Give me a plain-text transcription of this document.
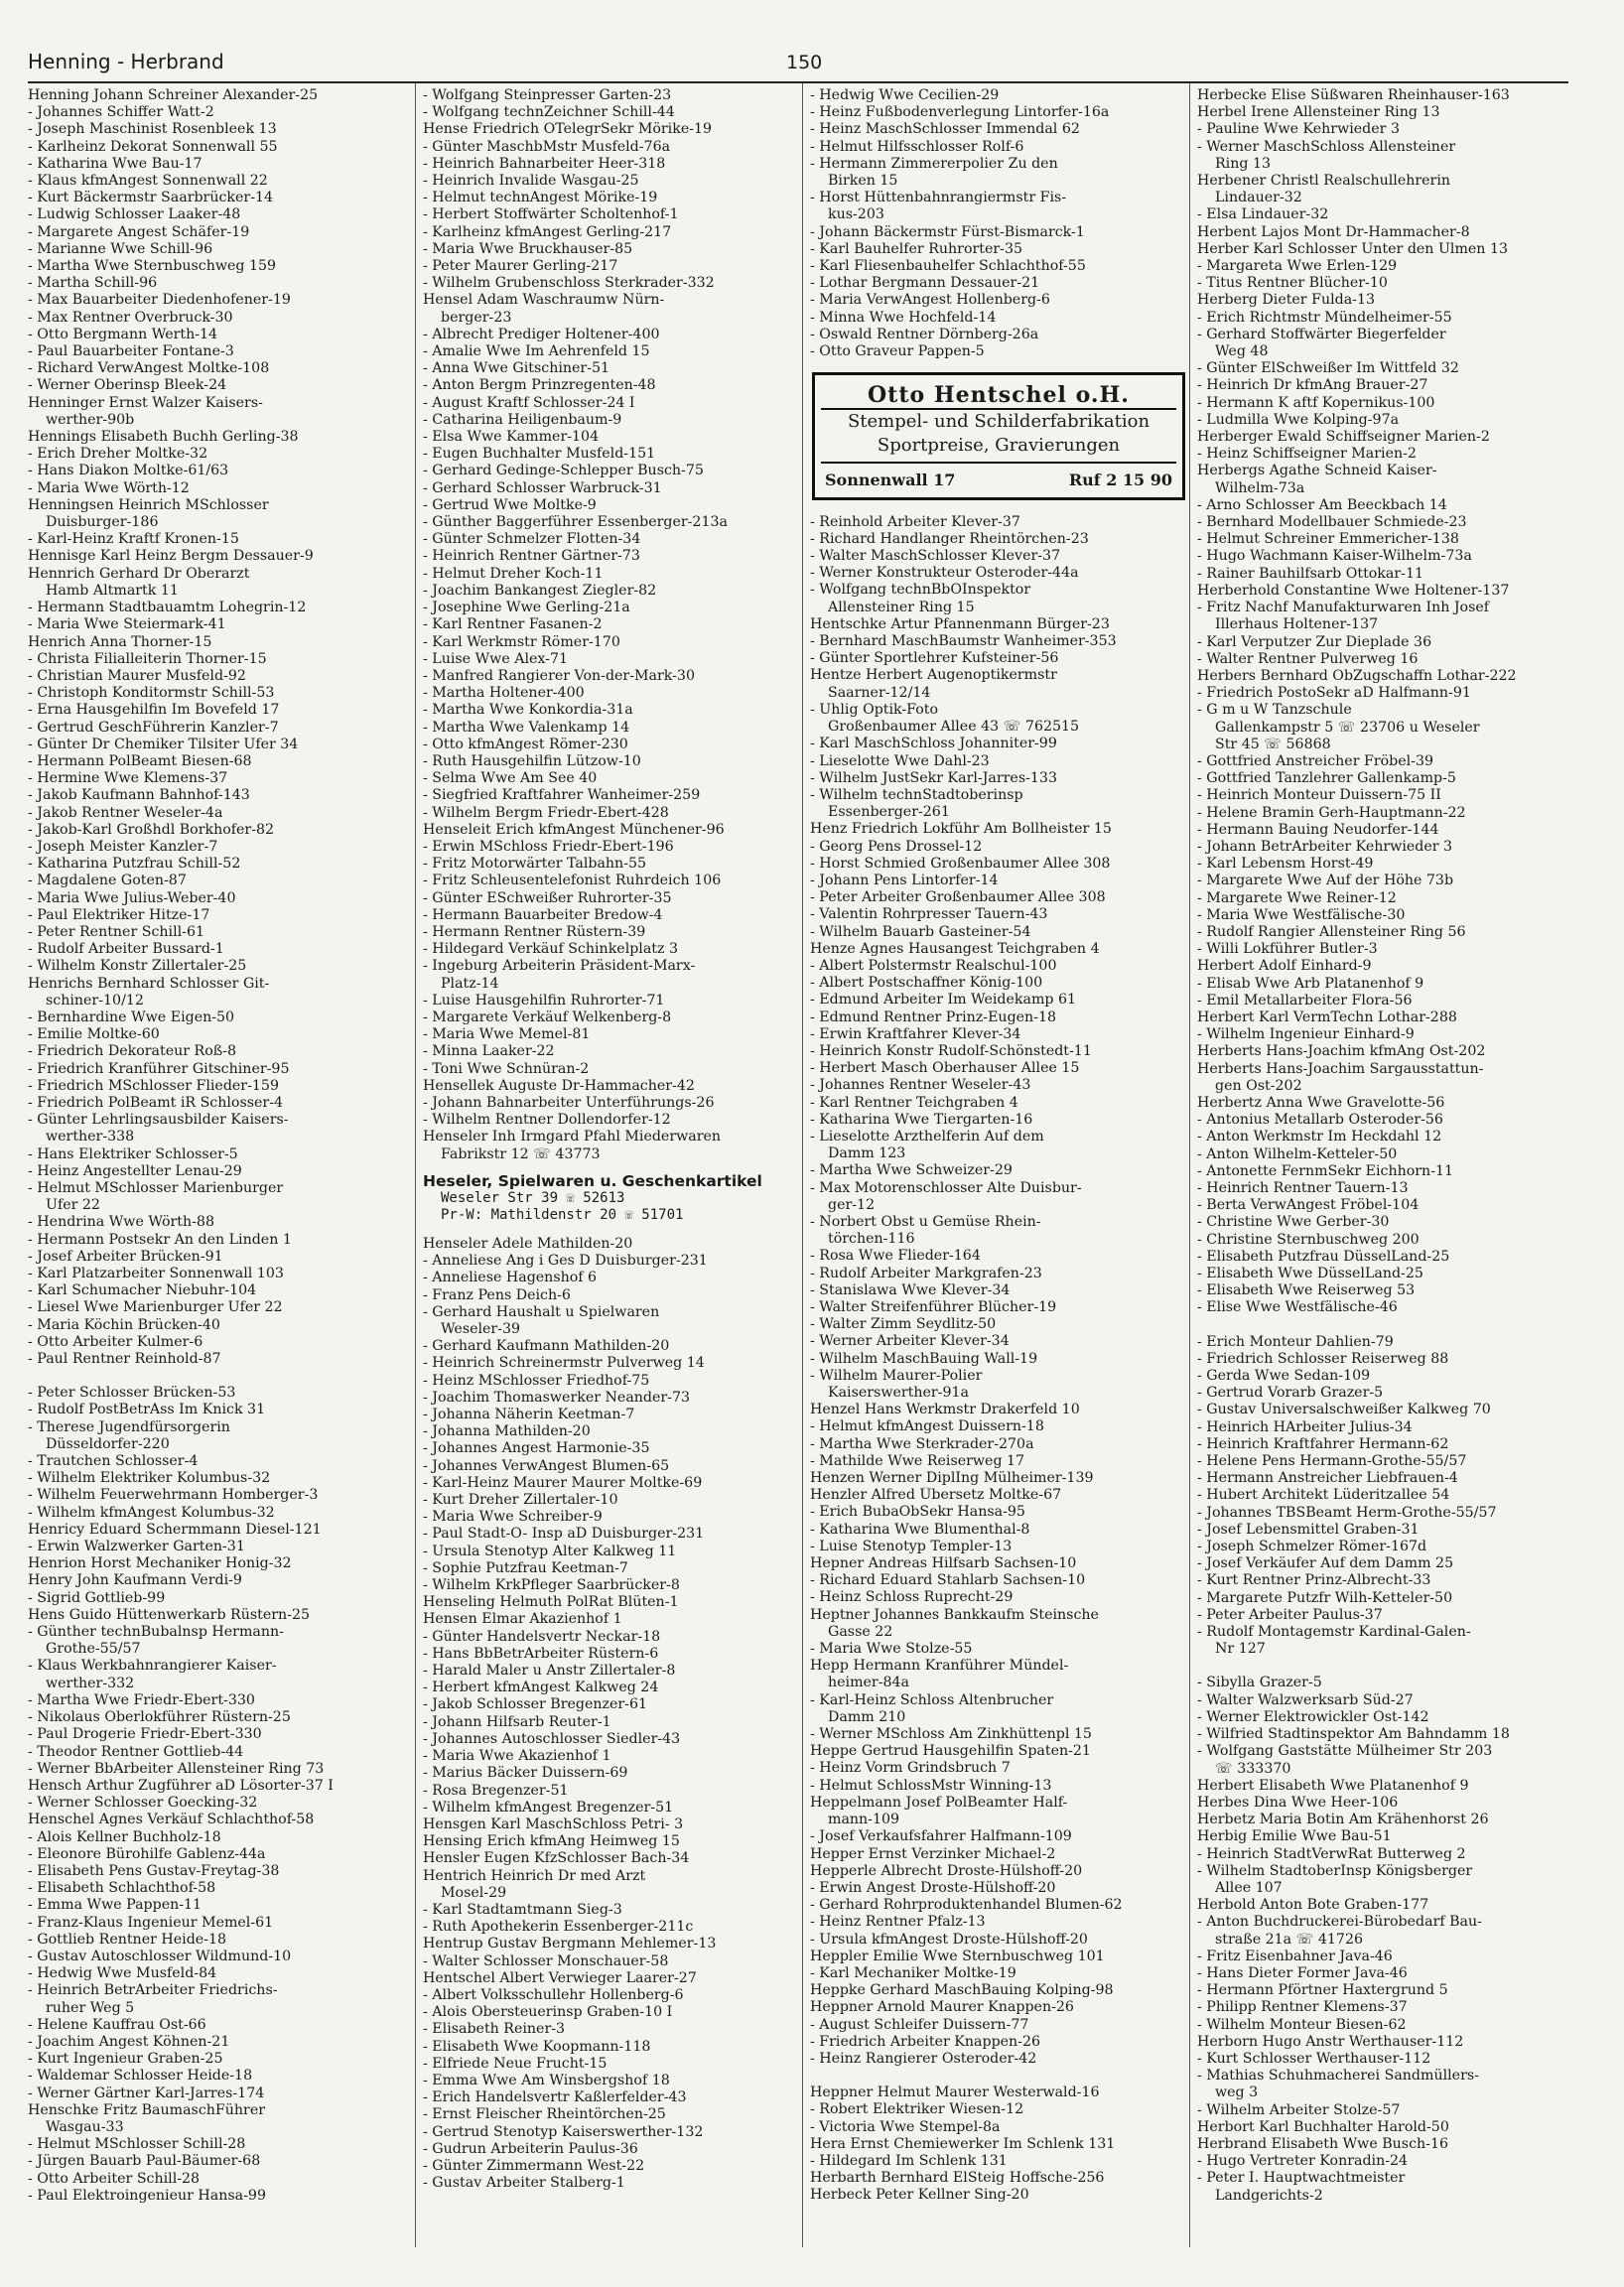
Henning - Herbrand	150
Henning Johann Schreiner Alexander-25
- Johannes Schiffer Watt-2
- Joseph Maschinist Rosenbleek 13
- Karlheinz Dekorat Sonnenwall 55
- Katharina Wwe Bau-17
- Klaus kfmAngest Sonnenwall 22
- Kurt Bäckermstr Saarbrücker-14
- Ludwig Schlosser Laaker-48
- Margarete Angest Schäfer-19
- Marianne Wwe Schill-96
- Martha Wwe Sternbuschweg 159
- Martha Schill-96
- Max Bauarbeiter Diedenhofener-19
- Max Rentner Overbruck-30
- Otto Bergmann Werth-14
- Paul Bauarbeiter Fontane-3
- Richard VerwAngest Moltke-108
- Werner Oberinsp Bleek-24
Henninger Ernst Walzer Kaisers-
werther-90b
Hennings Elisabeth Buchh Gerling-38
- Erich Dreher Moltke-32
- Hans Diakon Moltke-61/63
- Maria Wwe Wörth-12
Henningsen Heinrich MSchlosser
Duisburger-186
- Karl-Heinz Kraftf Kronen-15
Hennisge Karl Heinz Bergm Dessauer-9
Hennrich Gerhard Dr Oberarzt
Hamb Altmartk 11
- Hermann Stadtbauamtm Lohegrin-12
- Maria Wwe Steiermark-41
Henrich Anna Thorner-15
- Christa Filialleiterin Thorner-15
- Christian Maurer Musfeld-92
- Christoph Konditormstr Schill-53
- Erna Hausgehilfin Im Bovefeld 17
- Gertrud GeschFührerin Kanzler-7
- Günter Dr Chemiker Tilsiter Ufer 34
- Hermann PolBeamt Biesen-68
- Hermine Wwe Klemens-37
- Jakob Kaufmann Bahnhof-143
- Jakob Rentner Weseler-4a
- Jakob-Karl Großhdl Borkhofer-82
- Joseph Meister Kanzler-7
- Katharina Putzfrau Schill-52
- Magdalene Goten-87
- Maria Wwe Julius-Weber-40
- Paul Elektriker Hitze-17
- Peter Rentner Schill-61
- Rudolf Arbeiter Bussard-1
- Wilhelm Konstr Zillertaler-25
Henrichs Bernhard Schlosser Git-
schiner-10/12
- Bernhardine Wwe Eigen-50
- Emilie Moltke-60
- Friedrich Dekorateur Roß-8
- Friedrich Kranführer Gitschiner-95
- Friedrich MSchlosser Flieder-159
- Friedrich PolBeamt iR Schlosser-4
- Günter Lehrlingsausbilder Kaisers-
werther-338
- Hans Elektriker Schlosser-5
- Heinz Angestellter Lenau-29
- Helmut MSchlosser Marienburger
Ufer 22
- Hendrina Wwe Wörth-88
- Hermann Postsekr An den Linden 1
- Josef Arbeiter Brücken-91
- Karl Platzarbeiter Sonnenwall 103
- Karl Schumacher Niebuhr-104
- Liesel Wwe Marienburger Ufer 22
- Maria Köchin Brücken-40
- Otto Arbeiter Kulmer-6
- Paul Rentner Reinhold-87
- Peter Schlosser Brücken-53
- Rudolf PostBetrAss Im Knick 31
- Therese Jugendfürsorgerin
Düsseldorfer-220
- Trautchen Schlosser-4
- Wilhelm Elektriker Kolumbus-32
- Wilhelm Feuerwehrmann Homberger-3
- Wilhelm kfmAngest Kolumbus-32
Henricy Eduard Schermmann Diesel-121
- Erwin Walzwerker Garten-31
Henrion Horst Mechaniker Honig-32
Henry John Kaufmann Verdi-9
- Sigrid Gottlieb-99
Hens Guido Hüttenwerkarb Rüstern-25
- Günther technBubalnsp Hermann-
Grothe-55/57
- Klaus Werkbahnrangierer Kaiser-
werther-332
- Martha Wwe Friedr-Ebert-330
- Nikolaus Oberlokführer Rüstern-25
- Paul Drogerie Friedr-Ebert-330
- Theodor Rentner Gottlieb-44
- Werner BbArbeiter Allensteiner Ring 73
Hensch Arthur Zugführer aD Lösorter-37 I
- Werner Schlosser Goecking-32
Henschel Agnes Verkäuf Schlachthof-58
- Alois Kellner Buchholz-18
- Eleonore Bürohilfe Gablenz-44a
- Elisabeth Pens Gustav-Freytag-38
- Elisabeth Schlachthof-58
- Emma Wwe Pappen-11
- Franz-Klaus Ingenieur Memel-61
- Gottlieb Rentner Heide-18
- Gustav Autoschlosser Wildmund-10
- Hedwig Wwe Musfeld-84
- Heinrich BetrArbeiter Friedrichs-
ruher Weg 5
- Helene Kauffrau Ost-66
- Joachim Angest Köhnen-21
- Kurt Ingenieur Graben-25
- Waldemar Schlosser Heide-18
- Werner Gärtner Karl-Jarres-174
Henschke Fritz BaumaschFührer
Wasgau-33
- Helmut MSchlosser Schill-28
- Jürgen Bauarb Paul-Bäumer-68
- Otto Arbeiter Schill-28
- Paul Elektroingenieur Hansa-99
- Wolfgang Steinpresser Garten-23
- Wolfgang technZeichner Schill-44
Hense Friedrich OTelegrSekr Mörike-19
- Günter MaschbMstr Musfeld-76a
- Heinrich Bahnarbeiter Heer-318
- Heinrich Invalide Wasgau-25
- Helmut technAngest Mörike-19
- Herbert Stoffwärter Scholtenhof-1
- Karlheinz kfmAngest Gerling-217
- Maria Wwe Bruckhauser-85
- Peter Maurer Gerling-217
- Wilhelm Grubenschloss Sterkrader-332
Hensel Adam Waschraumw Nürn-
berger-23
- Albrecht Prediger Holtener-400
- Amalie Wwe Im Aehrenfeld 15
- Anna Wwe Gitschiner-51
- Anton Bergm Prinzregenten-48
- August Kraftf Schlosser-24 I
- Catharina Heiligenbaum-9
- Elsa Wwe Kammer-104
- Eugen Buchhalter Musfeld-151
- Gerhard Gedinge-Schlepper Busch-75
- Gerhard Schlosser Warbruck-31
- Gertrud Wwe Moltke-9
- Günther Baggerführer Essenberger-213a
- Günter Schmelzer Flotten-34
- Heinrich Rentner Gärtner-73
- Helmut Dreher Koch-11
- Joachim Bankangest Ziegler-82
- Josephine Wwe Gerling-21a
- Karl Rentner Fasanen-2
- Karl Werkmstr Römer-170
- Luise Wwe Alex-71
- Manfred Rangierer Von-der-Mark-30
- Martha Holtener-400
- Martha Wwe Konkordia-31a
- Martha Wwe Valenkamp 14
- Otto kfmAngest Römer-230
- Ruth Hausgehilfin Lützow-10
- Selma Wwe Am See 40
- Siegfried Kraftfahrer Wanheimer-259
- Wilhelm Bergm Friedr-Ebert-428
Henseleit Erich kfmAngest Münchener-96
- Erwin MSchloss Friedr-Ebert-196
- Fritz Motorwärter Talbahn-55
- Fritz Schleusentelefonist Ruhrdeich 106
- Günter ESchweißer Ruhrorter-35
- Hermann Bauarbeiter Bredow-4
- Hermann Rentner Rüstern-39
- Hildegard Verkäuf Schinkelplatz 3
- Ingeburg Arbeiterin Präsident-Marx-
Platz-14
- Luise Hausgehilfin Ruhrorter-71
- Margarete Verkäuf Welkenberg-8
- Maria Wwe Memel-81
- Minna Laaker-22
- Toni Wwe Schnüran-2
Hensellek Auguste Dr-Hammacher-42
- Johann Bahnarbeiter Unterführungs-26
- Wilhelm Rentner Dollendorfer-12
Henseler Inh Irmgard Pfahl Miederwaren
Fabrikstr 12 ☏ 43773
Heseler, Spielwaren u. Geschenkartikel
Weseler Str 39 ☏ 52613
Pr-W: Mathildenstr 20 ☏ 51701
Henseler Adele Mathilden-20
- Anneliese Ang i Ges D Duisburger-231
- Anneliese Hagenshof 6
- Franz Pens Deich-6
- Gerhard Haushalt u Spielwaren
Weseler-39
- Gerhard Kaufmann Mathilden-20
- Heinrich Schreinermstr Pulverweg 14
- Heinz MSchlosser Friedhof-75
- Joachim Thomaswerker Neander-73
- Johanna Näherin Keetman-7
- Johanna Mathilden-20
- Johannes Angest Harmonie-35
- Johannes VerwAngest Blumen-65
- Karl-Heinz Maurer Maurer Moltke-69
- Kurt Dreher Zillertaler-10
- Maria Wwe Schreiber-9
- Paul Stadt-O- Insp aD Duisburger-231
- Ursula Stenotyp Alter Kalkweg 11
- Sophie Putzfrau Keetman-7
- Wilhelm KrkPfleger Saarbrücker-8
Henseling Helmuth PolRat Blüten-1
Hensen Elmar Akazienhof 1
- Günter Handelsvertr Neckar-18
- Hans BbBetrArbeiter Rüstern-6
- Harald Maler u Anstr Zillertaler-8
- Herbert kfmAngest Kalkweg 24
- Jakob Schlosser Bregenzer-61
- Johann Hilfsarb Reuter-1
- Johannes Autoschlosser Siedler-43
- Maria Wwe Akazienhof 1
- Marius Bäcker Duissern-69
- Rosa Bregenzer-51
- Wilhelm kfmAngest Bregenzer-51
Hensgen Karl MaschSchloss Petri- 3
Hensing Erich kfmAng Heimweg 15
Hensler Eugen KfzSchlosser Bach-34
Hentrich Heinrich Dr med Arzt
Mosel-29
- Karl Stadtamtmann Sieg-3
- Ruth Apothekerin Essenberger-211c
Hentrup Gustav Bergmann Mehlemer-13
- Walter Schlosser Monschauer-58
Hentschel Albert Verwieger Laarer-27
- Albert Volksschullehr Hollenberg-6
- Alois Obersteuerinsp Graben-10 I
- Elisabeth Reiner-3
- Elisabeth Wwe Koopmann-118
- Elfriede Neue Frucht-15
- Emma Wwe Am Winsbergshof 18
- Erich Handelsvertr Kaßlerfelder-43
- Ernst Fleischer Rheintörchen-25
- Gertrud Stenotyp Kaiserswerther-132
- Gudrun Arbeiterin Paulus-36
- Günter Zimmermann West-22
- Gustav Arbeiter Stalberg-1
- Hedwig Wwe Cecilien-29
- Heinz Fußbodenverlegung Lintorfer-16a
- Heinz MaschSchlosser Immendal 62
- Helmut Hilfsschlosser Rolf-6
- Hermann Zimmererpolier Zu den
Birken 15
- Horst Hüttenbahnrangiermstr Fis-
kus-203
- Johann Bäckermstr Fürst-Bismarck-1
- Karl Bauhelfer Ruhrorter-35
- Karl Fliesenbauhelfer Schlachthof-55
- Lothar Bergmann Dessauer-21
- Maria VerwAngest Hollenberg-6
- Minna Wwe Hochfeld-14
- Oswald Rentner Dörnberg-26a
- Otto Graveur Pappen-5
Otto Hentschel o.H.
Stempel- und Schilderfabrikation
Sportpreise, Gravierungen
Sonnenwall 17	Ruf 2 15 90
- Reinhold Arbeiter Klever-37
- Richard Handlanger Rheintörchen-23
- Walter MaschSchlosser Klever-37
- Werner Konstrukteur Osteroder-44a
- Wolfgang technBbOInspektor
Allensteiner Ring 15
Hentschke Artur Pfannenmann Bürger-23
- Bernhard MaschBaumstr Wanheimer-353
- Günter Sportlehrer Kufsteiner-56
Hentze Herbert Augenoptikermstr
Saarner-12/14
- Uhlig Optik-Foto
Großenbaumer Allee 43 ☏ 762515
- Karl MaschSchloss Johanniter-99
- Lieselotte Wwe Dahl-23
- Wilhelm JustSekr Karl-Jarres-133
- Wilhelm technStadtoberinsp
Essenberger-261
Henz Friedrich Lokführ Am Bollheister 15
- Georg Pens Drossel-12
- Horst Schmied Großenbaumer Allee 308
- Johann Pens Lintorfer-14
- Peter Arbeiter Großenbaumer Allee 308
- Valentin Rohrpresser Tauern-43
- Wilhelm Bauarb Gasteiner-54
Henze Agnes Hausangest Teichgraben 4
- Albert Polstermstr Realschul-100
- Albert Postschaffner König-100
- Edmund Arbeiter Im Weidekamp 61
- Edmund Rentner Prinz-Eugen-18
- Erwin Kraftfahrer Klever-34
- Heinrich Konstr Rudolf-Schönstedt-11
- Herbert Masch Oberhauser Allee 15
- Johannes Rentner Weseler-43
- Karl Rentner Teichgraben 4
- Katharina Wwe Tiergarten-16
- Lieselotte Arzthelferin Auf dem
Damm 123
- Martha Wwe Schweizer-29
- Max Motorenschlosser Alte Duisbur-
ger-12
- Norbert Obst u Gemüse Rhein-
törchen-116
- Rosa Wwe Flieder-164
- Rudolf Arbeiter Markgrafen-23
- Stanislawa Wwe Klever-34
- Walter Streifenführer Blücher-19
- Walter Zimm Seydlitz-50
- Werner Arbeiter Klever-34
- Wilhelm MaschBauing Wall-19
- Wilhelm Maurer-Polier
Kaiserswerther-91a
Henzel Hans Werkmstr Drakerfeld 10
- Helmut kfmAngest Duissern-18
- Martha Wwe Sterkrader-270a
- Mathilde Wwe Reiserweg 17
Henzen Werner DiplIng Mülheimer-139
Henzler Alfred Übersetz Moltke-67
- Erich BubaObSekr Hansa-95
- Katharina Wwe Blumenthal-8
- Luise Stenotyp Templer-13
Hepner Andreas Hilfsarb Sachsen-10
- Richard Eduard Stahlarb Sachsen-10
- Heinz Schloss Ruprecht-29
Heptner Johannes Bankkaufm Steinsche
Gasse 22
- Maria Wwe Stolze-55
Hepp Hermann Kranführer Mündel-
heimer-84a
- Karl-Heinz Schloss Altenbrucher
Damm 210
- Werner MSchloss Am Zinkhüttenpl 15
Heppe Gertrud Hausgehilfin Spaten-21
- Heinz Vorm Grindsbruch 7
- Helmut SchlossMstr Winning-13
Heppelmann Josef PolBeamter Half-
mann-109
- Josef Verkaufsfahrer Halfmann-109
Hepper Ernst Verzinker Michael-2
Hepperle Albrecht Droste-Hülshoff-20
- Erwin Angest Droste-Hülshoff-20
- Gerhard Rohrproduktenhandel Blumen-62
- Heinz Rentner Pfalz-13
- Ursula kfmAngest Droste-Hülshoff-20
Heppler Emilie Wwe Sternbuschweg 101
- Karl Mechaniker Moltke-19
Heppke Gerhard MaschBauing Kolping-98
Heppner Arnold Maurer Knappen-26
- August Schleifer Duissern-77
- Friedrich Arbeiter Knappen-26
- Heinz Rangierer Osteroder-42
Heppner Helmut Maurer Westerwald-16
- Robert Elektriker Wiesen-12
- Victoria Wwe Stempel-8a
Hera Ernst Chemiewerker Im Schlenk 131
- Hildegard Im Schlenk 131
Herbarth Bernhard ElSteig Hoffsche-256
Herbeck Peter Kellner Sing-20
Herbecke Elise Süßwaren Rheinhauser-163
Herbel Irene Allensteiner Ring 13
- Pauline Wwe Kehrwieder 3
- Werner MaschSchloss Allensteiner
Ring 13
Herbener Christl Realschullehrerin
Lindauer-32
- Elsa Lindauer-32
Herbent Lajos Mont Dr-Hammacher-8
Herber Karl Schlosser Unter den Ulmen 13
- Margareta Wwe Erlen-129
- Titus Rentner Blücher-10
Herberg Dieter Fulda-13
- Erich Richtmstr Mündelheimer-55
- Gerhard Stoffwärter Biegerfelder
Weg 48
- Günter ElSchweißer Im Wittfeld 32
- Heinrich Dr kfmAng Brauer-27
- Hermann K aftf Kopernikus-100
- Ludmilla Wwe Kolping-97a
Herberger Ewald Schiffseigner Marien-2
- Heinz Schiffseigner Marien-2
Herbergs Agathe Schneid Kaiser-
Wilhelm-73a
- Arno Schlosser Am Beeckbach 14
- Bernhard Modellbauer Schmiede-23
- Helmut Schreiner Emmericher-138
- Hugo Wachmann Kaiser-Wilhelm-73a
- Rainer Bauhilfsarb Ottokar-11
Herberhold Constantine Wwe Holtener-137
- Fritz Nachf Manufakturwaren Inh Josef
Illerhaus Holtener-137
- Karl Verputzer Zur Dieplade 36
- Walter Rentner Pulverweg 16
Herbers Bernhard ObZugschaffn Lothar-222
- Friedrich PostoSekr aD Halfmann-91
- G m u W Tanzschule
Gallenkampstr 5 ☏ 23706 u Weseler
Str 45 ☏ 56868
- Gottfried Anstreicher Fröbel-39
- Gottfried Tanzlehrer Gallenkamp-5
- Heinrich Monteur Duissern-75 II
- Helene Bramin Gerh-Hauptmann-22
- Hermann Bauing Neudorfer-144
- Johann BetrArbeiter Kehrwieder 3
- Karl Lebensm Horst-49
- Margarete Wwe Auf der Höhe 73b
- Margarete Wwe Reiner-12
- Maria Wwe Westfälische-30
- Rudolf Rangier Allensteiner Ring 56
- Willi Lokführer Butler-3
Herbert Adolf Einhard-9
- Elisab Wwe Arb Platanenhof 9
- Emil Metallarbeiter Flora-56
Herbert Karl VermTechn Lothar-288
- Wilhelm Ingenieur Einhard-9
Herberts Hans-Joachim kfmAng Ost-202
Herberts Hans-Joachim Sargausstattun-
gen Ost-202
Herbertz Anna Wwe Gravelotte-56
- Antonius Metallarb Osteroder-56
- Anton Werkmstr Im Heckdahl 12
- Anton Wilhelm-Ketteler-50
- Antonette FernmSekr Eichhorn-11
- Heinrich Rentner Tauern-13
- Berta VerwAngest Fröbel-104
- Christine Wwe Gerber-30
- Christine Sternbuschweg 200
- Elisabeth Putzfrau DüsselLand-25
- Elisabeth Wwe DüsselLand-25
- Elisabeth Wwe Reiserweg 53
- Elise Wwe Westfälische-46
- Erich Monteur Dahlien-79
- Friedrich Schlosser Reiserweg 88
- Gerda Wwe Sedan-109
- Gertrud Vorarb Grazer-5
- Gustav Universalschweißer Kalkweg 70
- Heinrich HArbeiter Julius-34
- Heinrich Kraftfahrer Hermann-62
- Helene Pens Hermann-Grothe-55/57
- Hermann Anstreicher Liebfrauen-4
- Hubert Architekt Lüderitzallee 54
- Johannes TBSBeamt Herm-Grothe-55/57
- Josef Lebensmittel Graben-31
- Joseph Schmelzer Römer-167d
- Josef Verkäufer Auf dem Damm 25
- Kurt Rentner Prinz-Albrecht-33
- Margarete Putzfr Wilh-Ketteler-50
- Peter Arbeiter Paulus-37
- Rudolf Montagemstr Kardinal-Galen-
Nr 127
- Sibylla Grazer-5
- Walter Walzwerksarb Süd-27
- Werner Elektrowickler Ost-142
- Wilfried Stadtinspektor Am Bahndamm 18
- Wolfgang Gaststätte Mülheimer Str 203
☏ 333370
Herbert Elisabeth Wwe Platanenhof 9
Herbes Dina Wwe Heer-106
Herbetz Maria Botin Am Krähenhorst 26
Herbig Emilie Wwe Bau-51
- Heinrich StadtVerwRat Butterweg 2
- Wilhelm StadtoberInsp Königsberger
Allee 107
Herbold Anton Bote Graben-177
- Anton Buchdruckerei-Bürobedarf Bau-
straße 21a ☏ 41726
- Fritz Eisenbahner Java-46
- Hans Dieter Former Java-46
- Hermann Pförtner Haxtergrund 5
- Philipp Rentner Klemens-37
- Wilhelm Monteur Biesen-62
Herborn Hugo Anstr Werthauser-112
- Kurt Schlosser Werthauser-112
- Mathias Schuhmacherei Sandmüllers-
weg 3
- Wilhelm Arbeiter Stolze-57
Herbort Karl Buchhalter Harold-50
Herbrand Elisabeth Wwe Busch-16
- Hugo Vertreter Konradin-24
- Peter I. Hauptwachtmeister
Landgerichts-2
